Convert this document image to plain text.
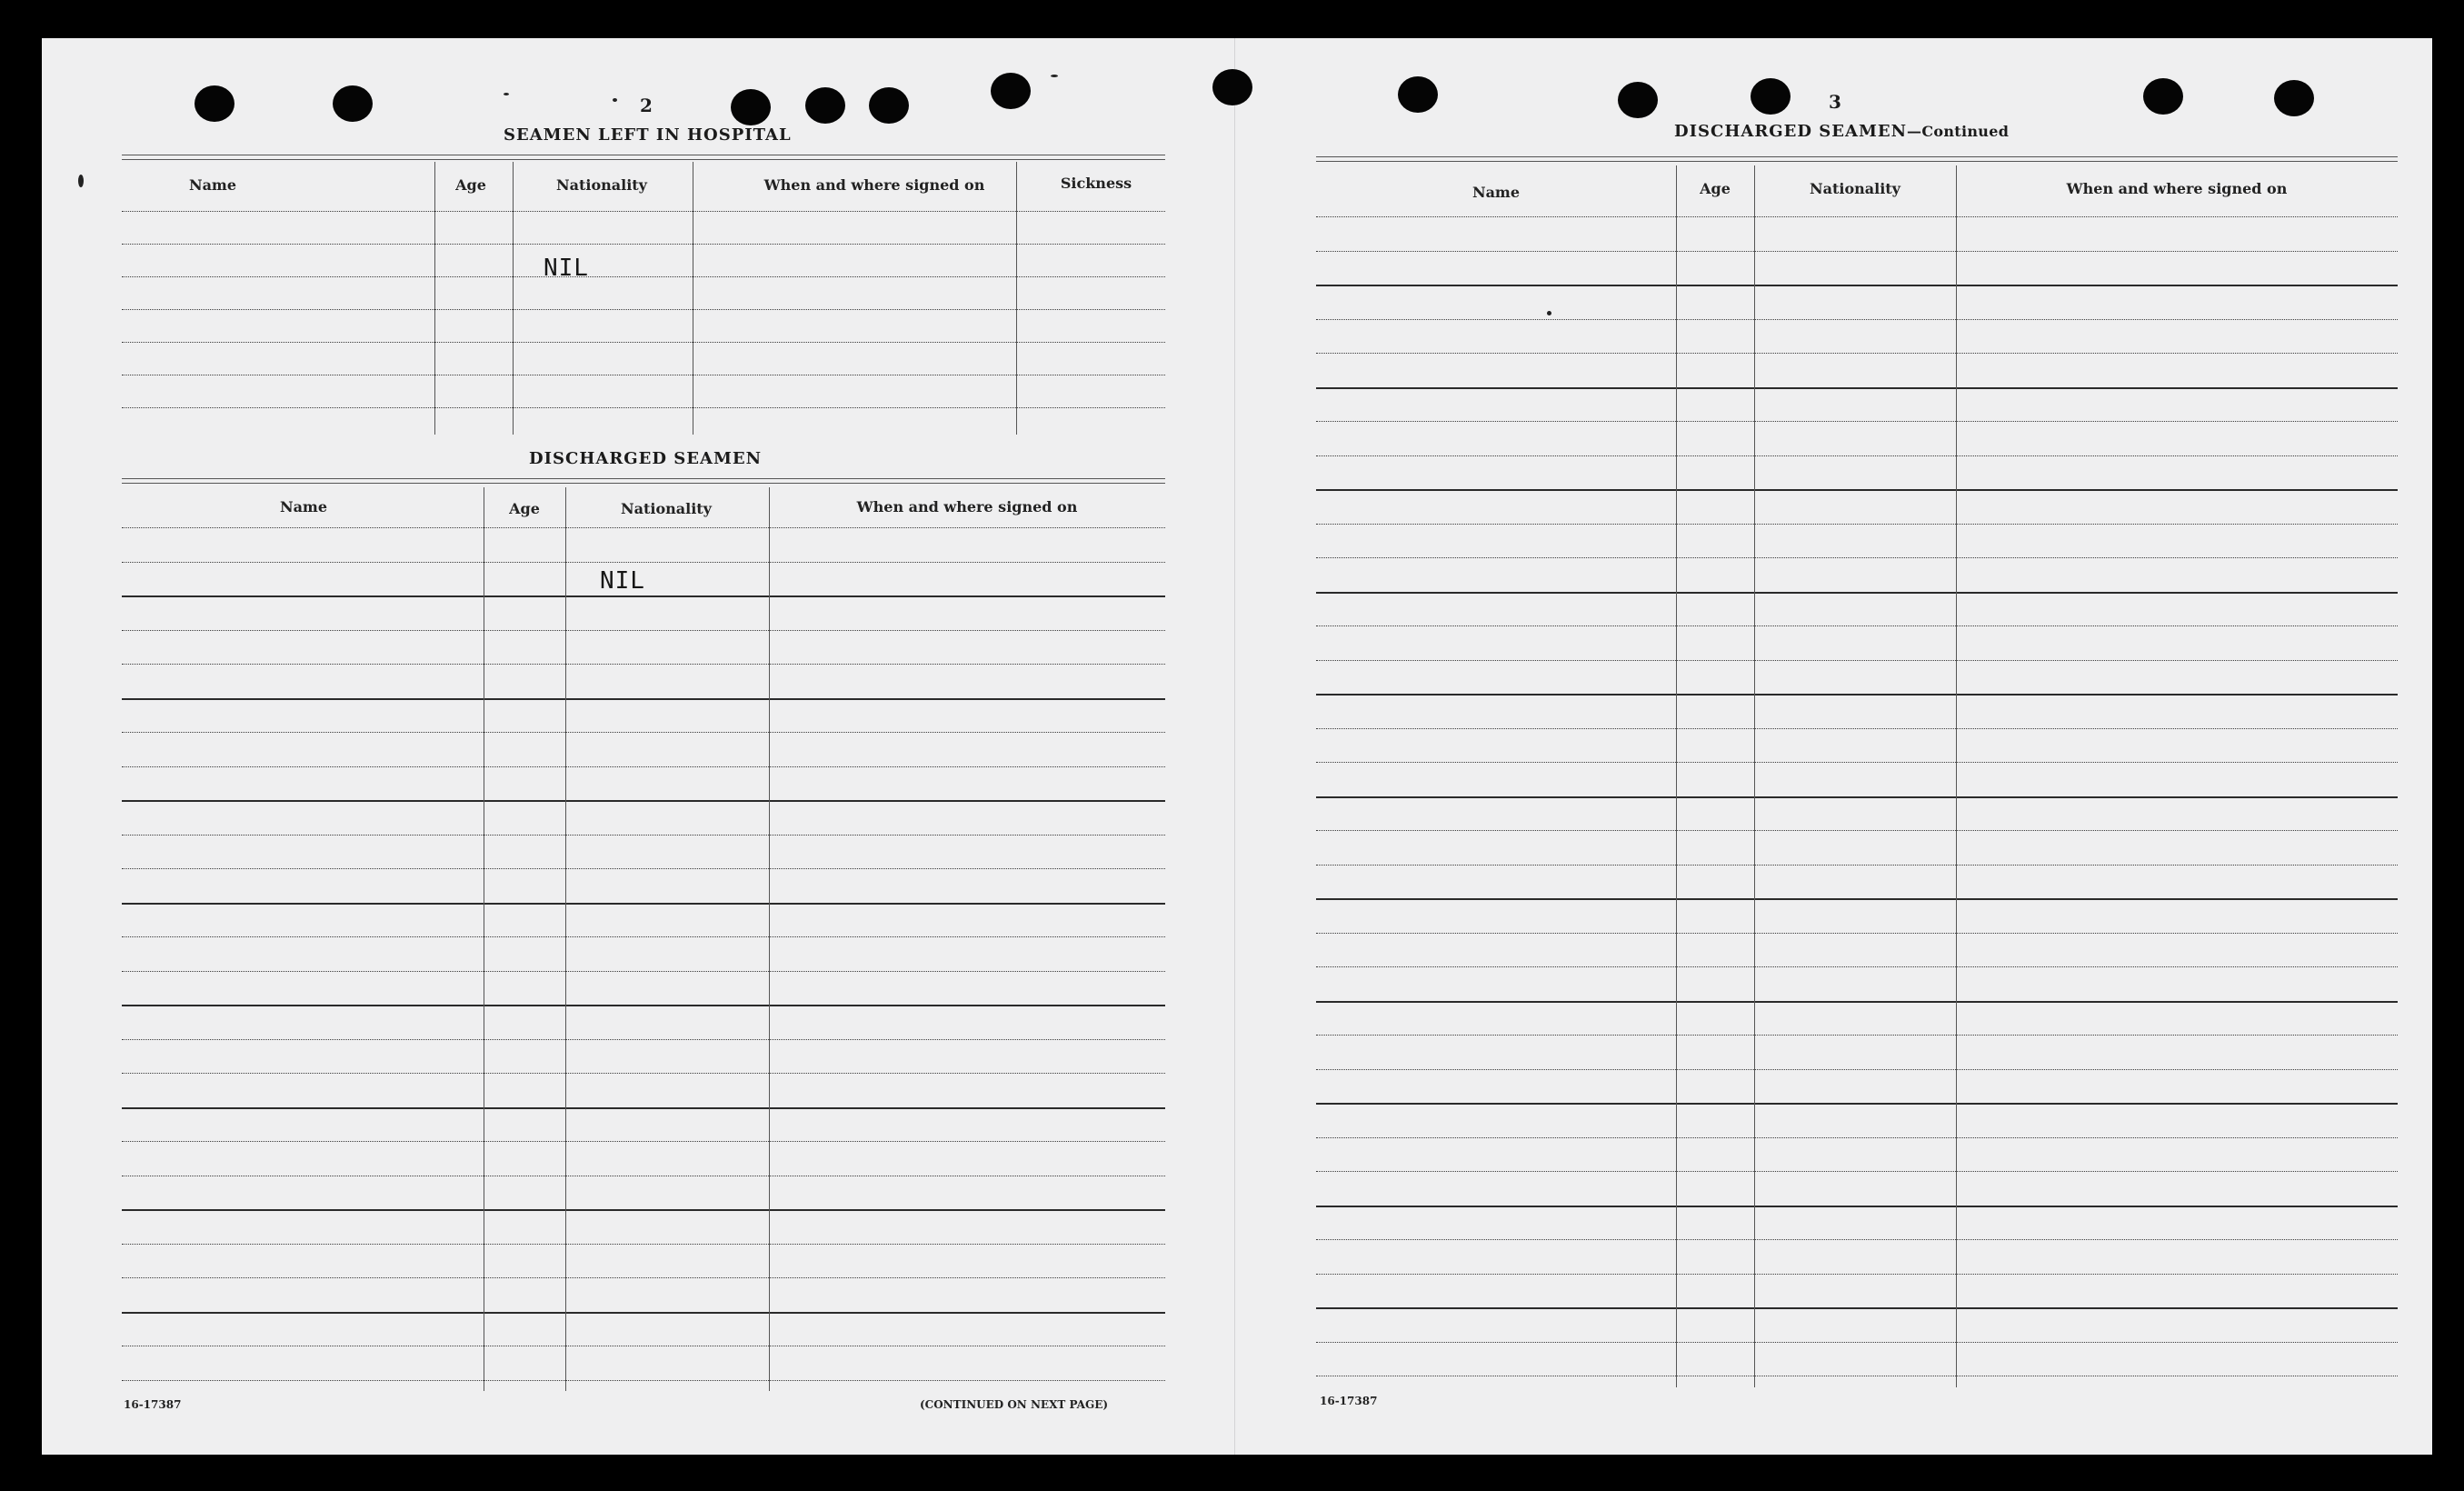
2
SEAMEN LEFT IN HOSPITAL
Name	Age	Nationality	When and where signed on	Sickness
NIL
DISCHARGED SEAMEN
Name	Age	Nationality	When and where signed on
NIL
16-17387	(CONTINUED ON NEXT PAGE)
3
DISCHARGED SEAMEN—Continued
Name	Age	Nationality	When and where signed on
16-17387
